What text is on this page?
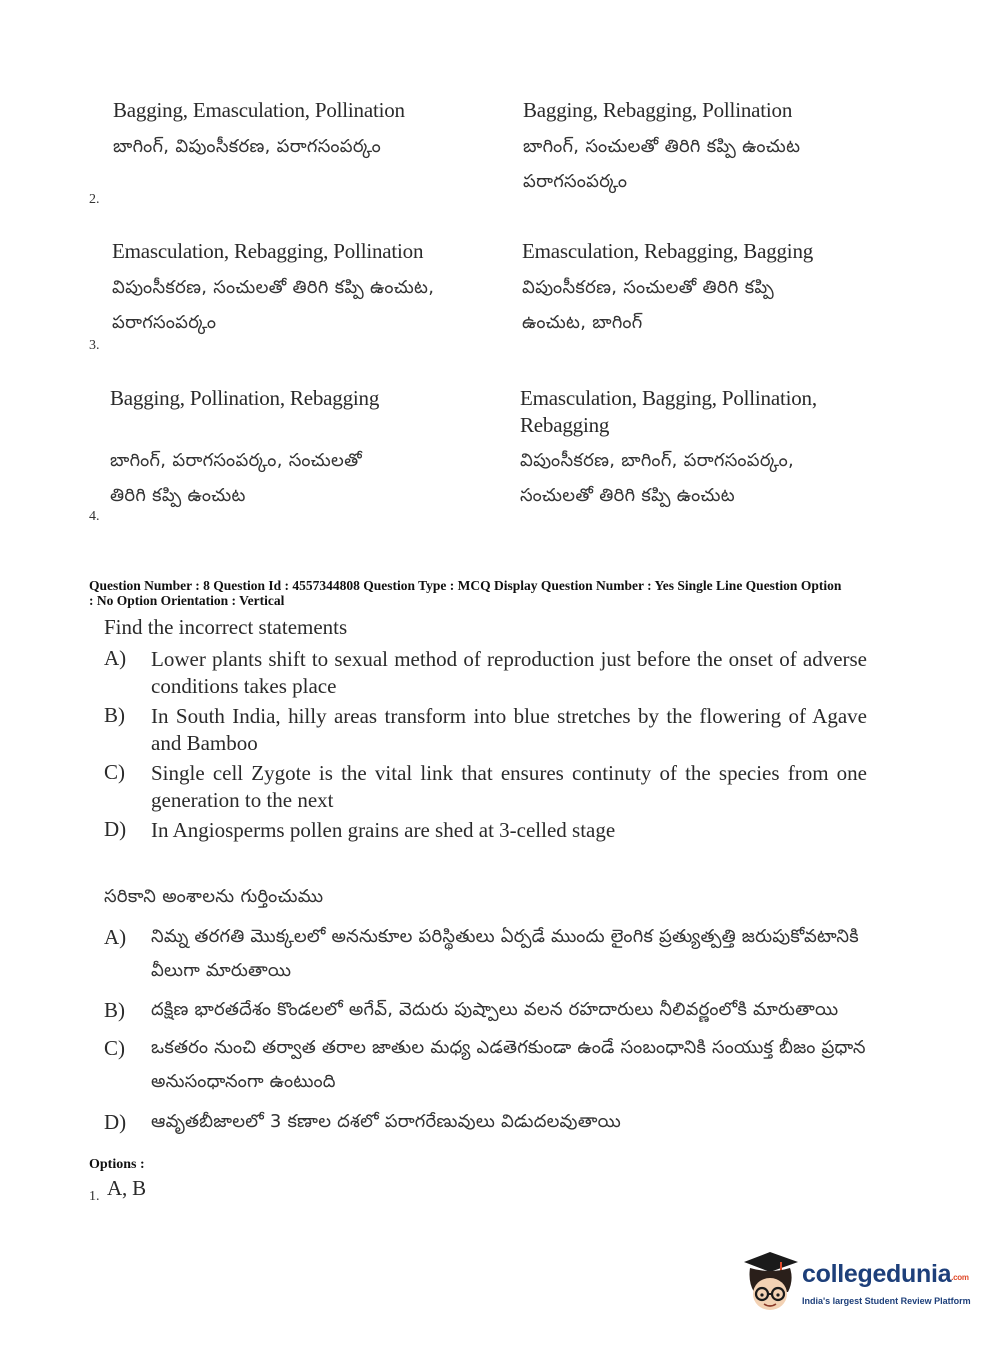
Bagging, Emasculation, Pollination
బాగింగ్, విపుంసీకరణ, పరాగసంపర్కం
Bagging, Rebagging, Pollination
బాగింగ్, సంచులతో తిరిగి కప్పి ఉంచుట
పరాగసంపర్కం
2.
Emasculation, Rebagging, Pollination
విపుంసీకరణ, సంచులతో తిరిగి కప్పి ఉంచుట,
పరాగసంపర్కం
Emasculation, Rebagging, Bagging
విపుంసీకరణ, సంచులతో తిరిగి కప్పి
ఉంచుట, బాగింగ్
3.
Bagging, Pollination, Rebagging
బాగింగ్, పరాగసంపర్కం, సంచులతో
తిరిగి కప్పి ఉంచుట
Emasculation, Bagging, Pollination,
Rebagging
విపుంసీకరణ, బాగింగ్, పరాగసంపర్కం,
సంచులతో తిరిగి కప్పి ఉంచుట
4.
Question Number : 8 Question Id : 4557344808 Question Type : MCQ Display Question Number : Yes Single Line Question Option
: No Option Orientation : Vertical
Find the incorrect statements
A) Lower plants shift to sexual method of reproduction just before the onset of adverse conditions takes place
B) In South India, hilly areas transform into blue stretches by the flowering of Agave and Bamboo
C) Single cell Zygote is the vital link that ensures continuty of the species from one generation to the next
D) In Angiosperms pollen grains are shed at 3-celled stage
సరికాని అంశాలను గుర్తించుము
A) నిమ్న తరగతి మొక్కలలో అననుకూల పరిస్థితులు ఏర్పడే ముందు లైంగిక ప్రత్యుత్పత్తి జరుపుకోవటానికి వీలుగా మారుతాయి
B) దక్షిణ భారతదేశం కొండలలో అగేవ్, వెదురు పుష్పాలు వలన రహదారులు నీలివర్ణంలోకి మారుతాయి
C) ఒకతరం నుంచి తర్వాత తరాల జాతుల మధ్య ఎడతెగకుండా ఉండే సంబంధానికి సంయుక్త బీజం ప్రధాన అనుసంధానంగా ఉంటుంది
D) ఆవృతబీజాలలో 3 కణాల దశలో పరాగరేణువులు విడుదలవుతాయి
Options :
1. A, B
collegedunia.com
India's largest Student Review Platform
